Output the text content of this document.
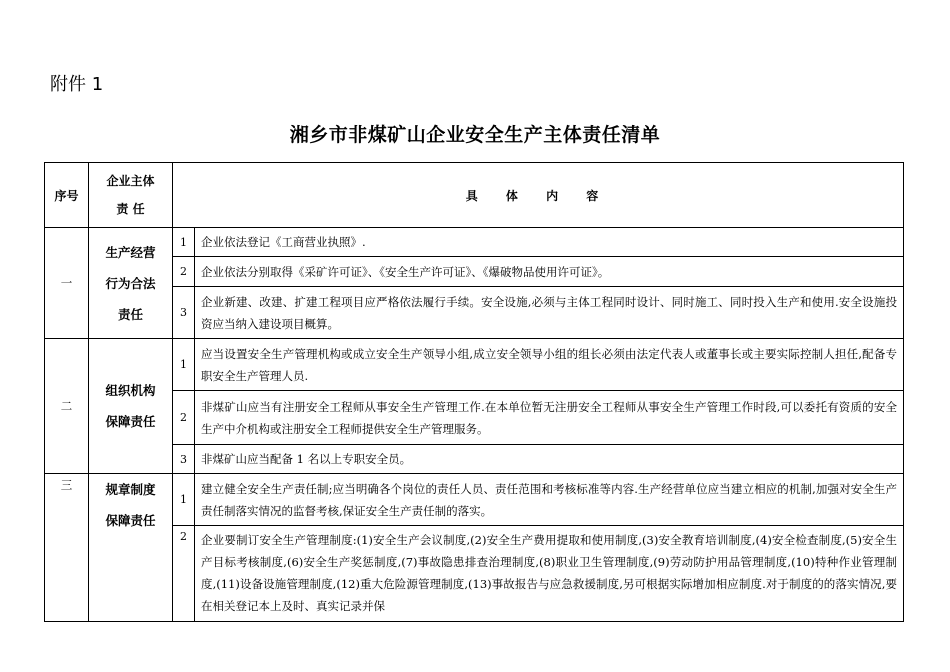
附件 1
湘乡市非煤矿山企业安全生产主体责任清单
序号	企业主体责 任	具 体 内 容	
一	生产经营行为合法责任	1	企业依法登记《工商营业执照》.
		2	企业依法分别取得《采矿许可证》、《安全生产许可证》、《爆破物品使用许可证》。
		3	企业新建、改建、扩建工程项目应严格依法履行手续。安全设施,必须与主体工程同时设计、同时施工、同时投入生产和使用.安全设施投资应当纳入建设项目概算。
二	组织机构保障责任	1	应当设置安全生产管理机构或成立安全生产领导小组,成立安全领导小组的组长必须由法定代表人或董事长或主要实际控制人担任,配备专职安全生产管理人员.
		2	非煤矿山应当有注册安全工程师从事安全生产管理工作.在本单位暂无注册安全工程师从事安全生产管理工作时段,可以委托有资质的安全生产中介机构或注册安全工程师提供安全生产管理服务。
		3	非煤矿山应当配备 1 名以上专职安全员。
三	规章制度保障责任	1	建立健全安全生产责任制;应当明确各个岗位的责任人员、责任范围和考核标准等内容.生产经营单位应当建立相应的机制,加强对安全生产责任制落实情况的监督考核,保证安全生产责任制的落实。
		2	企业要制订安全生产管理制度:(1)安全生产会议制度,(2)安全生产费用提取和使用制度,(3)安全教育培训制度,(4)安全检查制度,(5)安全生产目标考核制度,(6)安全生产奖惩制度,(7)事故隐患排查治理制度,(8)职业卫生管理制度,(9)劳动防护用品管理制度,(10)特种作业管理制度,(11)设备设施管理制度,(12)重大危险源管理制度,(13)事故报告与应急救援制度,另可根据实际增加相应制度.对于制度的的落实情况,要在相关登记本上及时、真实记录并保
